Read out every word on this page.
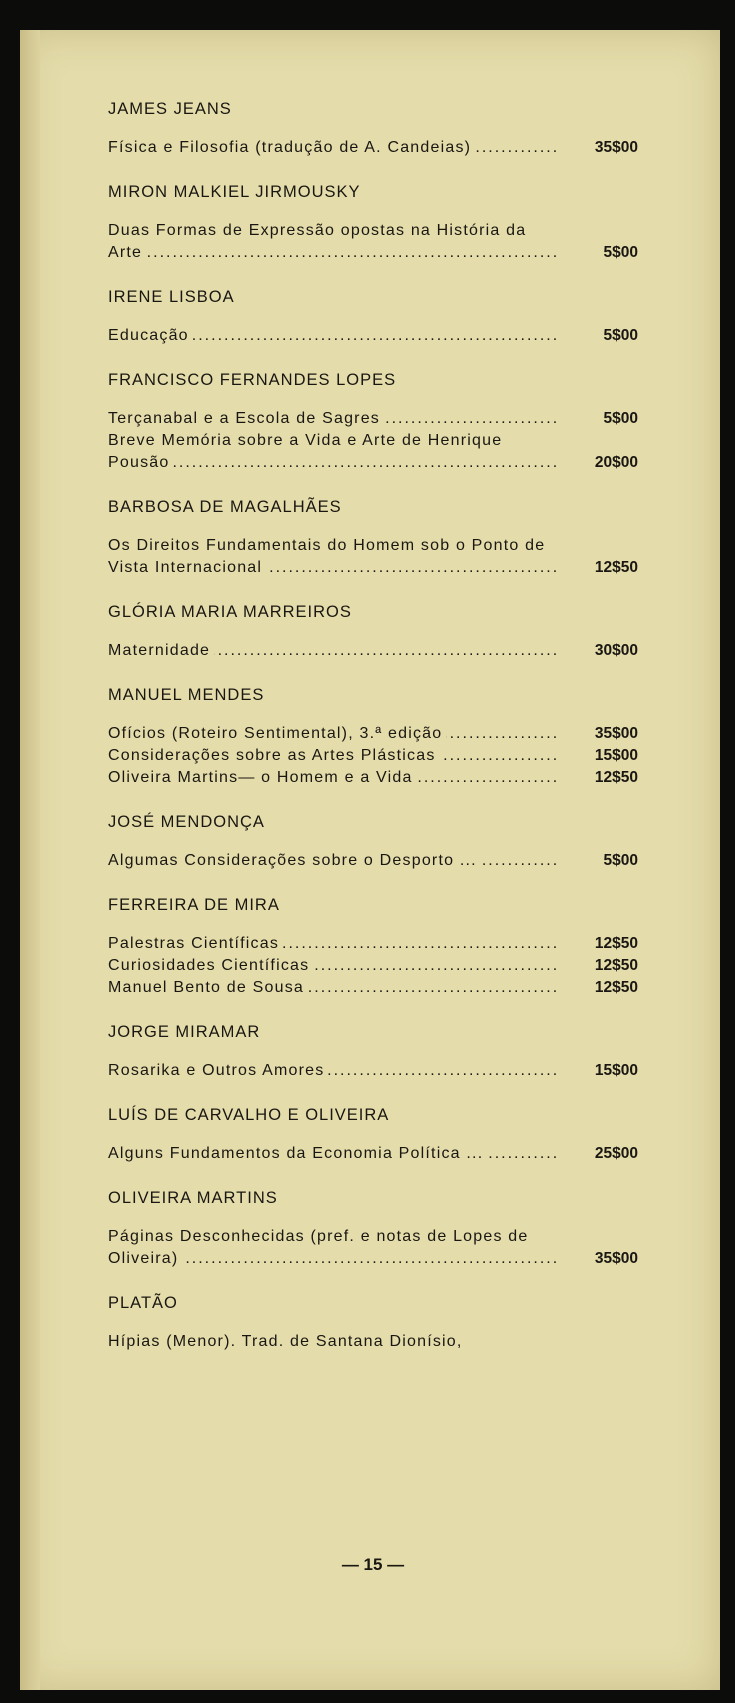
JAMES JEANS
Física e Filosofia (tradução de A. Candeias) .....	35$00
MIRON MALKIEL JIRMOUSKY
Duas Formas de Expressão opostas na História da Arte .....	5$00
IRENE LISBOA
Educação .....	5$00
FRANCISCO FERNANDES LOPES
Terçanabal e a Escola de Sagres .....	5$00
Breve Memória sobre a Vida e Arte de Henrique Pousão .....	20$00
BARBOSA DE MAGALHÃES
Os Direitos Fundamentais do Homem sob o Ponto de Vista Internacional .....	12$50
GLÓRIA MARIA MARREIROS
Maternidade .....	30$00
MANUEL MENDES
Ofícios (Roteiro Sentimental), 3.ª edição .....	35$00
Considerações sobre as Artes Plásticas .....	15$00
Oliveira Martins— o Homem e a Vida .....	12$50
JOSÉ MENDONÇA
Algumas Considerações sobre o Desporto ... .....	5$00
FERREIRA DE MIRA
Palestras Científicas .....	12$50
Curiosidades Científicas .....	12$50
Manuel Bento de Sousa .....	12$50
JORGE MIRAMAR
Rosarika e Outros Amores .....	15$00
LUÍS DE CARVALHO E OLIVEIRA
Alguns Fundamentos da Economia Política ... .....	25$00
OLIVEIRA MARTINS
Páginas Desconhecidas (pref. e notas de Lopes de Oliveira) .....	35$00
PLATÃO
Hípias (Menor). Trad. de Santana Dionísio,
— 15 —
